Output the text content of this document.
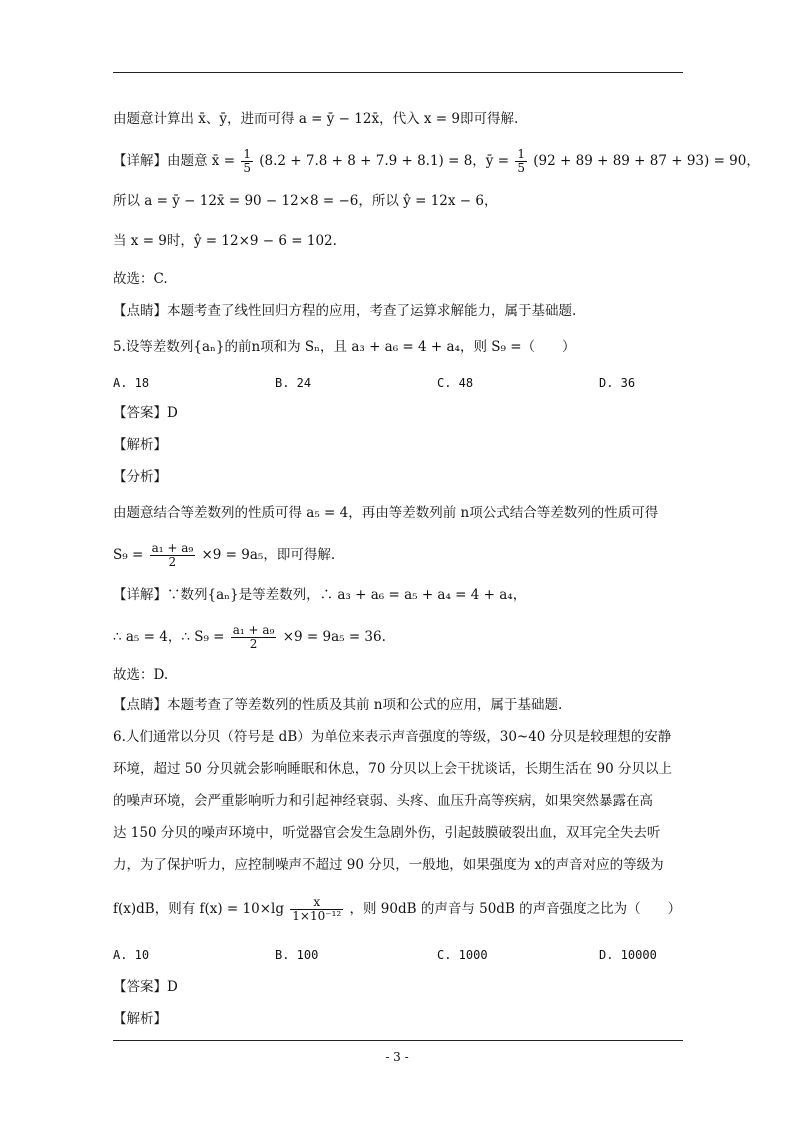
由题意计算出 x̄、ȳ，进而可得 a = ȳ − 12x̄，代入 x = 9即可得解.
【详解】由题意 x̄ = $\frac{1}{5} (8.2 + 7.8 + 8 + 7.9 + 8.1) = 8$，ȳ = $\frac{1}{5} (92 + 89 + 89 + 87 + 93) = 90$，
所以 a = ȳ − 12x̄ = 90 − 12×8 = −6，所以 ŷ = 12x − 6，
当 x = 9时，ŷ = 12×9 − 6 = 102.
故选：C.
【点睛】本题考查了线性回归方程的应用，考查了运算求解能力，属于基础题.
5.设等差数列{aₙ}的前n项和为 Sₙ，且 a₃ + a₆ = 4 + a₄，则 S₉ =（　　）
A. 18	B. 24	C. 48	D. 36
【答案】D
【解析】
【分析】
由题意结合等差数列的性质可得 a₅ = 4，再由等差数列前 n项公式结合等差数列的性质可得
$S_9 = \frac{\text{a₁ + a₉}}{2} \times 9 = 9a_5$，即可得解.
【详解】∵数列{aₙ}是等差数列，∴ a₃ + a₆ = a₅ + a₄ = 4 + a₄，
∴ a₅ = 4，∴ $S_9 = \frac{\text{a₁ + a₉}}{2} \times 9 = 9a_5 = 36$.
故选：D.
【点睛】本题考查了等差数列的性质及其前 n项和公式的应用，属于基础题.
6.人们通常以分贝（符号是 dB）为单位来表示声音强度的等级，30~40 分贝是较理想的安静
环境，超过 50 分贝就会影响睡眠和休息，70 分贝以上会干扰谈话，长期生活在 90 分贝以上
的噪声环境，会严重影响听力和引起神经衰弱、头疼、血压升高等疾病，如果突然暴露在高
达 150 分贝的噪声环境中，听觉器官会发生急剧外伤，引起鼓膜破裂出血，双耳完全失去听
力，为了保护听力，应控制噪声不超过 90 分贝，一般地，如果强度为 x的声音对应的等级为
f(x)dB，则有 $f(x) = 10\times\lg \frac{x}{\text{1×10⁻¹²}}$ ，则 90dB 的声音与 50dB 的声音强度之比为（　　）
A. 10	B. 100	C. 1000	D. 10000
【答案】D
【解析】
- 3 -
